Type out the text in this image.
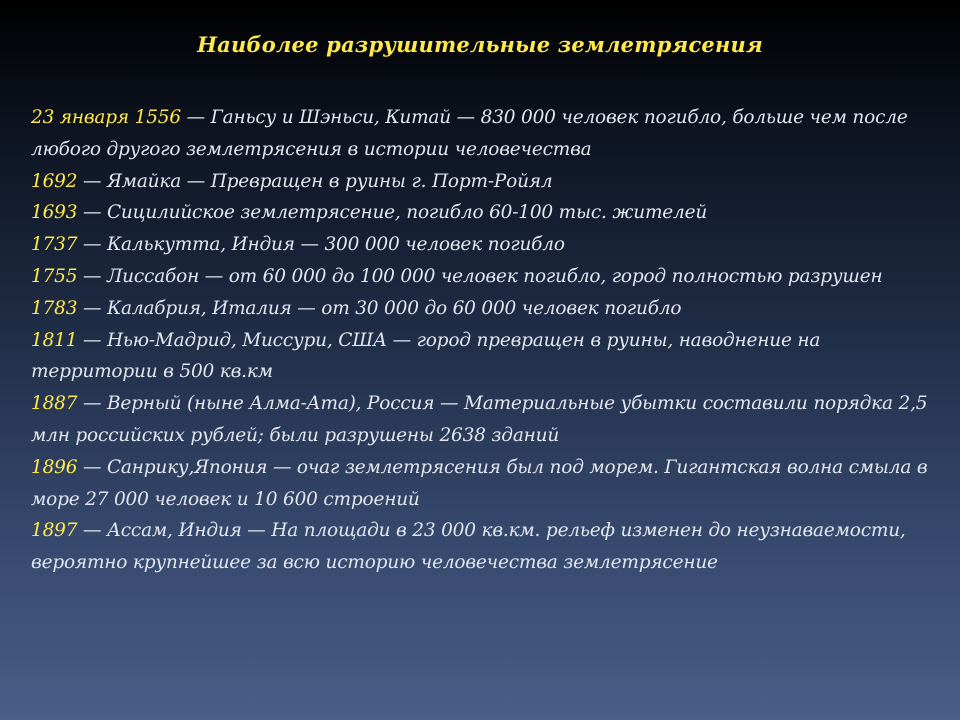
Наиболее разрушительные землетрясения
23 января 1556 — Ганьсу и Шэньси, Китай — 830 000 человек погибло, больше чем после любого другого землетрясения в истории человечества
1692 — Ямайка — Превращен в руины г. Порт-Ройял
1693 — Сицилийское землетрясение, погибло 60-100 тыс. жителей
1737 — Калькутта, Индия — 300 000 человек погибло
1755 — Лиссабон — от 60 000 до 100 000 человек погибло, город полностью разрушен
1783 — Калабрия, Италия — от 30 000 до 60 000 человек погибло
1811 — Нью-Мадрид, Миссури, США — город превращен в руины, наводнение на территории в 500 кв.км
1887 — Верный (ныне Алма-Ата), Россия — Материальные убытки составили порядка 2,5 млн российских рублей; были разрушены 2638 зданий
1896 — Санрику,Япония — очаг землетрясения был под морем. Гигантская волна смыла в море 27 000 человек и 10 600 строений
1897 — Ассам, Индия — На площади в 23 000 кв.км. рельеф изменен до неузнаваемости, вероятно крупнейшее за всю историю человечества землетрясение
